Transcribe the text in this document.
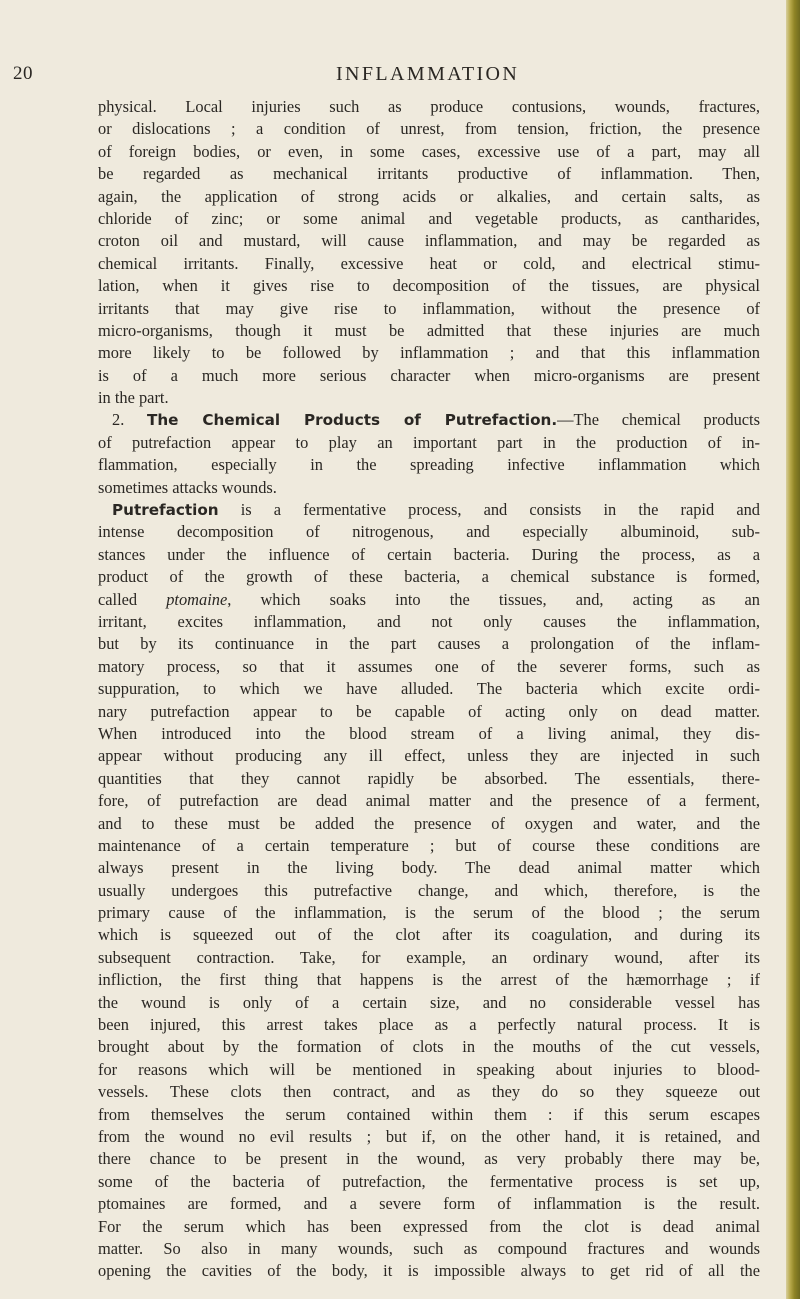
20	INFLAMMATION
physical. Local injuries such as produce contusions, wounds, fractures,
or dislocations ; a condition of unrest, from tension, friction, the presence
of foreign bodies, or even, in some cases, excessive use of a part, may all
be regarded as mechanical irritants productive of inflammation. Then,
again, the application of strong acids or alkalies, and certain salts, as
chloride of zinc; or some animal and vegetable products, as cantharides,
croton oil and mustard, will cause inflammation, and may be regarded as
chemical irritants. Finally, excessive heat or cold, and electrical stimu-
lation, when it gives rise to decomposition of the tissues, are physical
irritants that may give rise to inflammation, without the presence of
micro-organisms, though it must be admitted that these injuries are much
more likely to be followed by inflammation ; and that this inflammation
is of a much more serious character when micro-organisms are present
in the part.
2. The Chemical Products of Putrefaction.—The chemical products
of putrefaction appear to play an important part in the production of in-
flammation, especially in the spreading infective inflammation which
sometimes attacks wounds.
Putrefaction is a fermentative process, and consists in the rapid and
intense decomposition of nitrogenous, and especially albuminoid, sub-
stances under the influence of certain bacteria. During the process, as a
product of the growth of these bacteria, a chemical substance is formed,
called ptomaine, which soaks into the tissues, and, acting as an
irritant, excites inflammation, and not only causes the inflammation,
but by its continuance in the part causes a prolongation of the inflam-
matory process, so that it assumes one of the severer forms, such as
suppuration, to which we have alluded. The bacteria which excite ordi-
nary putrefaction appear to be capable of acting only on dead matter.
When introduced into the blood stream of a living animal, they dis-
appear without producing any ill effect, unless they are injected in such
quantities that they cannot rapidly be absorbed. The essentials, there-
fore, of putrefaction are dead animal matter and the presence of a ferment,
and to these must be added the presence of oxygen and water, and the
maintenance of a certain temperature ; but of course these conditions are
always present in the living body. The dead animal matter which
usually undergoes this putrefactive change, and which, therefore, is the
primary cause of the inflammation, is the serum of the blood ; the serum
which is squeezed out of the clot after its coagulation, and during its
subsequent contraction. Take, for example, an ordinary wound, after its
infliction, the first thing that happens is the arrest of the hæmorrhage ; if
the wound is only of a certain size, and no considerable vessel has
been injured, this arrest takes place as a perfectly natural process. It is
brought about by the formation of clots in the mouths of the cut vessels,
for reasons which will be mentioned in speaking about injuries to blood-
vessels. These clots then contract, and as they do so they squeeze out
from themselves the serum contained within them : if this serum escapes
from the wound no evil results ; but if, on the other hand, it is retained, and
there chance to be present in the wound, as very probably there may be,
some of the bacteria of putrefaction, the fermentative process is set up,
ptomaines are formed, and a severe form of inflammation is the result.
For the serum which has been expressed from the clot is dead animal
matter. So also in many wounds, such as compound fractures and wounds
opening the cavities of the body, it is impossible always to get rid of all the
